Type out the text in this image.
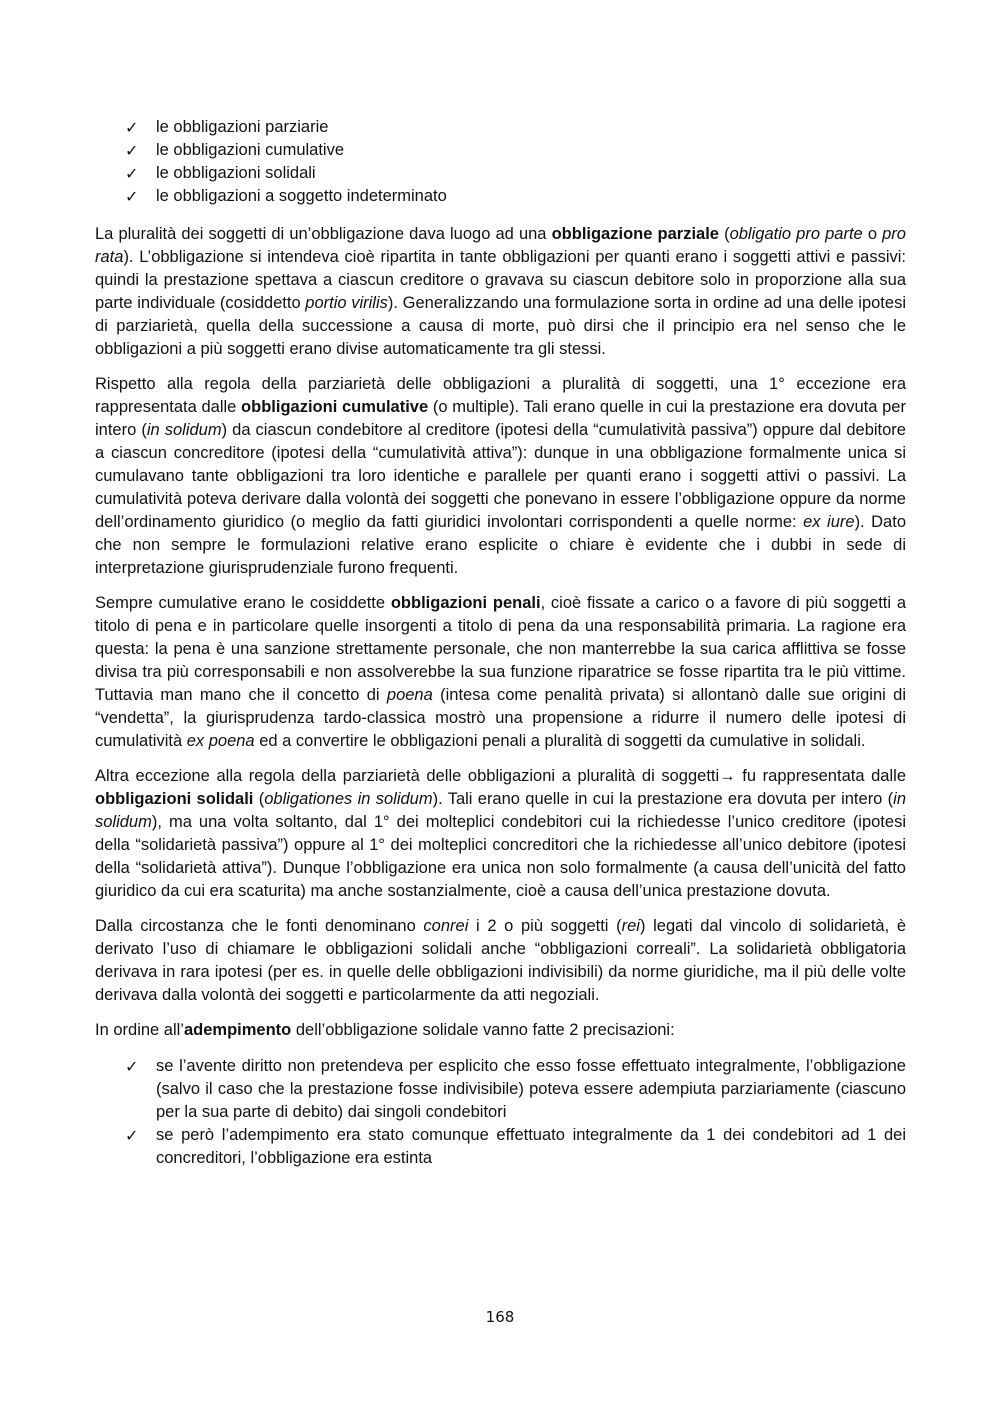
✓ le obbligazioni parziarie
✓ le obbligazioni cumulative
✓ le obbligazioni solidali
✓ le obbligazioni a soggetto indeterminato

La pluralità dei soggetti di un’obbligazione dava luogo ad una obbligazione parziale (obligatio pro parte o pro rata). L’obbligazione si intendeva cioè ripartita in tante obbligazioni per quanti erano i soggetti attivi e passivi: quindi la prestazione spettava a ciascun creditore o gravava su ciascun debitore solo in proporzione alla sua parte individuale (cosiddetto portio virilis). Generalizzando una formulazione sorta in ordine ad una delle ipotesi di parziarietà, quella della successione a causa di morte, può dirsi che il principio era nel senso che le obbligazioni a più soggetti erano divise automaticamente tra gli stessi.

Rispetto alla regola della parziarietà delle obbligazioni a pluralità di soggetti, una 1° eccezione era rappresentata dalle obbligazioni cumulative (o multiple). Tali erano quelle in cui la prestazione era dovuta per intero (in solidum) da ciascun condebitore al creditore (ipotesi della “cumulatività passiva”) oppure dal debitore a ciascun concreditore (ipotesi della “cumulatività attiva”): dunque in una obbligazione formalmente unica si cumulavano tante obbligazioni tra loro identiche e parallele per quanti erano i soggetti attivi o passivi. La cumulatività poteva derivare dalla volontà dei soggetti che ponevano in essere l’obbligazione oppure da norme dell’ordinamento giuridico (o meglio da fatti giuridici involontari corrispondenti a quelle norme: ex iure). Dato che non sempre le formulazioni relative erano esplicite o chiare è evidente che i dubbi in sede di interpretazione giurisprudenziale furono frequenti.

Sempre cumulative erano le cosiddette obbligazioni penali, cioè fissate a carico o a favore di più soggetti a titolo di pena e in particolare quelle insorgenti a titolo di pena da una responsabilità primaria. La ragione era questa: la pena è una sanzione strettamente personale, che non manterrebbe la sua carica afflittiva se fosse divisa tra più corresponsabili e non assolverebbe la sua funzione riparatrice se fosse ripartita tra le più vittime. Tuttavia man mano che il concetto di poena (intesa come penalità privata) si allontanò dalle sue origini di “vendetta”, la giurisprudenza tardo-classica mostrò una propensione a ridurre il numero delle ipotesi di cumulatività ex poena ed a convertire le obbligazioni penali a pluralità di soggetti da cumulative in solidali.

Altra eccezione alla regola della parziarietà delle obbligazioni a pluralità di soggetti→ fu rappresentata dalle obbligazioni solidali (obligationes in solidum). Tali erano quelle in cui la prestazione era dovuta per intero (in solidum), ma una volta soltanto, dal 1° dei molteplici condebitori cui la richiedesse l’unico creditore (ipotesi della “solidarietà passiva”) oppure al 1° dei molteplici concreditori che la richiedesse all’unico debitore (ipotesi della “solidarietà attiva”). Dunque l’obbligazione era unica non solo formalmente (a causa dell’unicità del fatto giuridico da cui era scaturita) ma anche sostanzialmente, cioè a causa dell’unica prestazione dovuta.

Dalla circostanza che le fonti denominano conrei i 2 o più soggetti (rei) legati dal vincolo di solidarietà, è derivato l’uso di chiamare le obbligazioni solidali anche “obbligazioni correali”. La solidarietà obbligatoria derivava in rara ipotesi (per es. in quelle delle obbligazioni indivisibili) da norme giuridiche, ma il più delle volte derivava dalla volontà dei soggetti e particolarmente da atti negoziali.

In ordine all’adempimento dell’obbligazione solidale vanno fatte 2 precisazioni:

✓ se l’avente diritto non pretendeva per esplicito che esso fosse effettuato integralmente, l’obbligazione (salvo il caso che la prestazione fosse indivisibile) poteva essere adempiuta parziariamente (ciascuno per la sua parte di debito) dai singoli condebitori
✓ se però l’adempimento era stato comunque effettuato integralmente da 1 dei condebitori ad 1 dei concreditori, l’obbligazione era estinta
168
